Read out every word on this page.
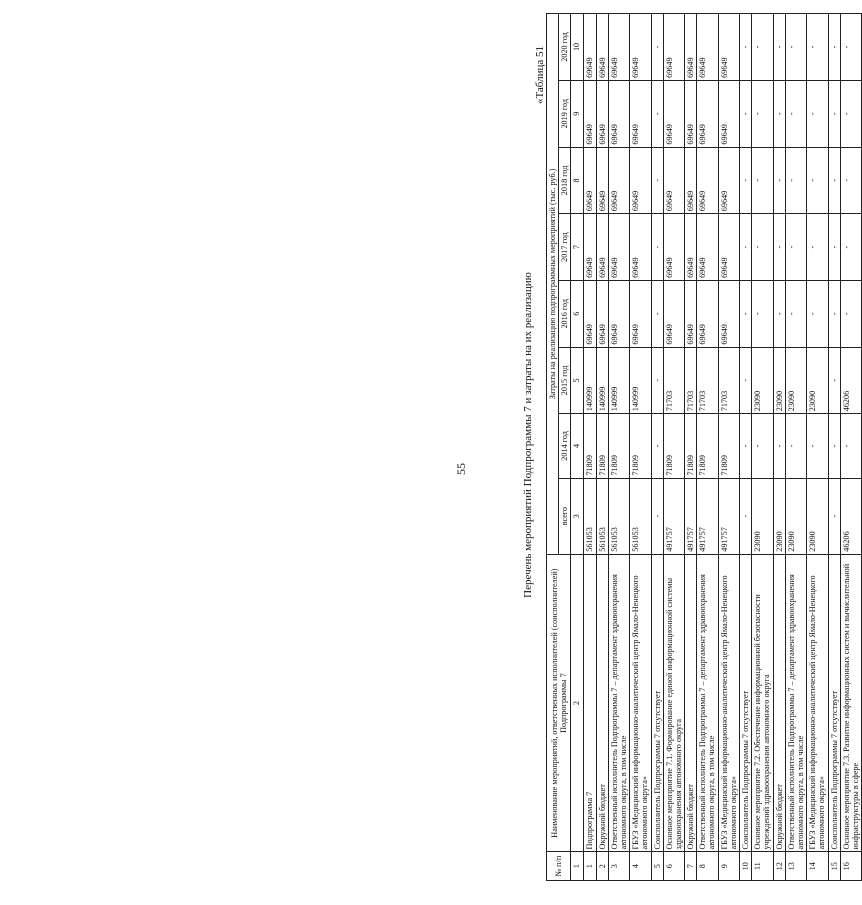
55
«Таблица 51
Перечень мероприятий Подпрограммы 7 и затраты на их реализацию
№ п/п	Наименование мероприятий, ответственных исполнителей (соисполнителей) Подпрограммы 7	Затраты на реализацию подпрограммных мероприятий (тыс. руб.)							
		всего	2014 год	2015 год	2016 год	2017 год	2018 год	2019 год	2020 год
1	2	3	4	5	6	7	8	9	10
1	Подпрограмма 7	561053	71809	140999	69649	69649	69649	69649	69649
2	Окружной бюджет	561053	71809	140999	69649	69649	69649	69649	69649
3	Ответственный исполнитель Подпрограммы 7 – департамент здравоохранения автономного округа, в том числе	561053	71809	140999	69649	69649	69649	69649	69649
4	ГБУЗ «Медицинский информационно-аналитический центр Ямало-Ненецкого автономного округа»	561053	71809	140999	69649	69649	69649	69649	69649
5	Соисполнитель Подпрограммы 7 отсутствует	-	-	-	-	-	-	-	-
6	Основное мероприятие 7.1. Формирование единой информационной системы здравоохранения автономного округа	491757	71809	71703	69649	69649	69649	69649	69649
7	Окружной бюджет	491757	71809	71703	69649	69649	69649	69649	69649
8	Ответственный исполнитель Подпрограммы 7 – департамент здравоохранения автономного округа, в том числе	491757	71809	71703	69649	69649	69649	69649	69649
9	ГБУЗ «Медицинский информационно-аналитический центр Ямало-Ненецкого автономного округа»	491757	71809	71703	69649	69649	69649	69649	69649
10	Соисполнитель Подпрограммы 7 отсутствует	-	-	-	-	-	-	-	-
11	Основное мероприятие 7.2. Обеспечение информационной безопасности учреждений здравоохранения автономного округа	23090	-	23090	-	-	-	-	-
12	Окружной бюджет	23090	-	23090	-	-	-	-	-
13	Ответственный исполнитель Подпрограммы 7 – департамент здравоохранения автономного округа, в том числе	23090	-	23090	-	-	-	-	-
14	ГБУЗ «Медицинский информационно-аналитический центр Ямало-Ненецкого автономного округа»	23090	-	23090	-	-	-	-	-
15	Соисполнитель Подпрограммы 7 отсутствует	-	-	-	-	-	-	-	-
16	Основное мероприятие 7.3. Развитие информационных систем и вычислительной инфраструктуры в сфере	46206	-	46206	-	-	-	-	-
